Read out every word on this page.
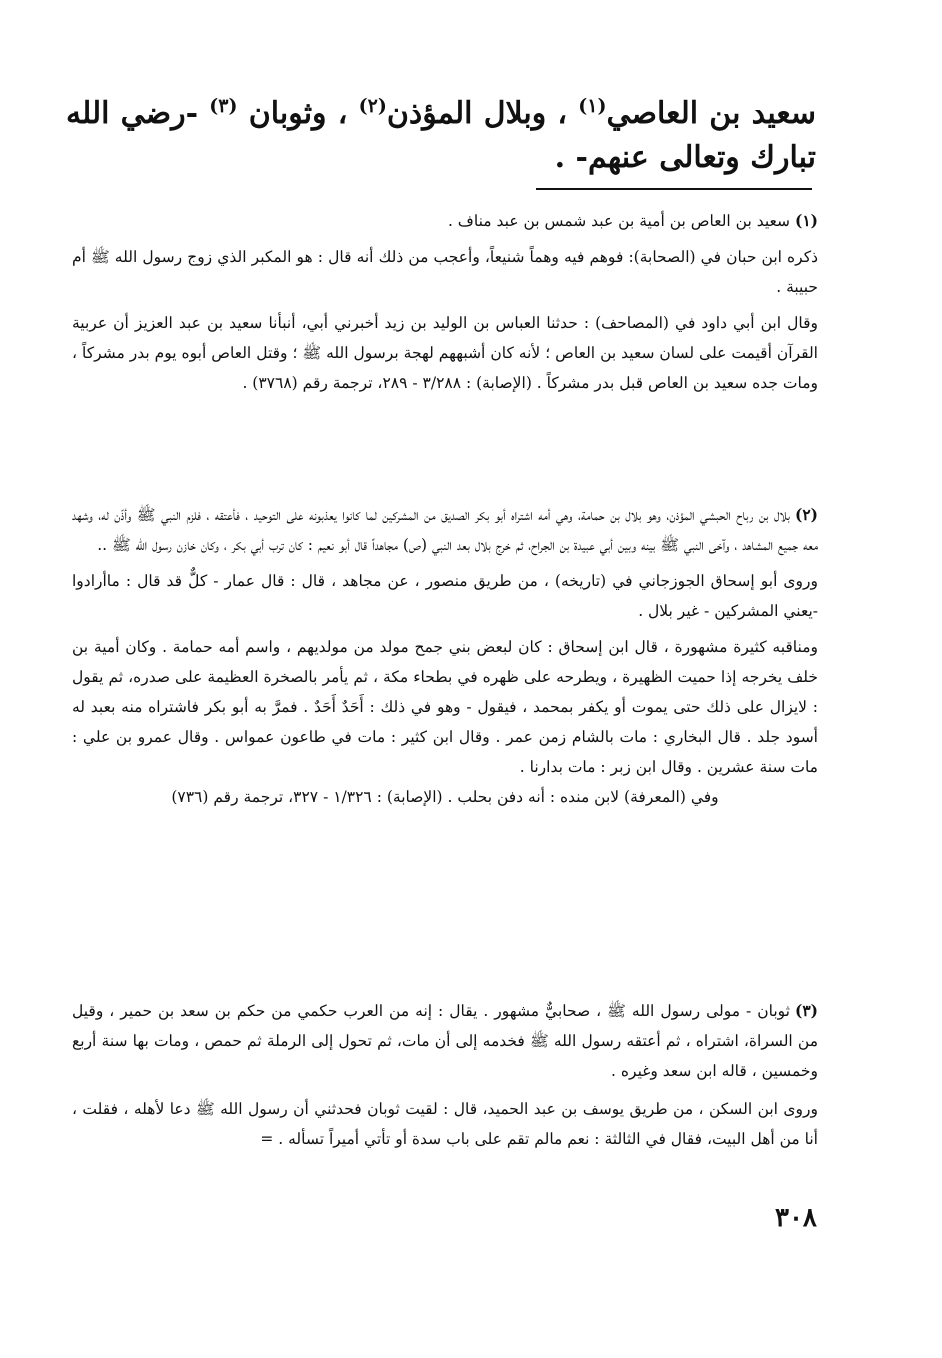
سعيد بن العاصي$^{(١)}$ ، وبلال المؤذن$^{(٢)}$ ، وثوبان $^{(٣)}$ -رضي الله تبارك وتعالى عنهم- .

(١)سعيد بن العاص بن أمية بن عبد شمس بن عبد مناف .

ذكره ابن حبان في (الصحابة): فوهم فيه وهماً شنيعاً، وأعجب من ذلك أنه قال : هو المكبر الذي زوج رسول الله ﷺ أم حبيبة .

وقال ابن أبي داود في (المصاحف) : حدثنا العباس بن الوليد بن زيد أخبرني أبي، أنبأنا سعيد بن عبد العزيز أن عربية القرآن أقيمت على لسان سعيد بن العاص ؛ لأنه كان أشبههم لهجة برسول الله ﷺ ؛ وقتل العاص أبوه يوم بدر مشركاً ، ومات جده سعيد بن العاص قبل بدر مشركاً . (الإصابة) : ٣/٢٨٨ - ٢٨٩، ترجمة رقم (٣٧٦٨) .

(٢)بلال بن رباح الحبشي المؤذن، وهو بلال بن حمامة، وهي أمه اشتراه أبو بكر الصديق من المشركين لما كانوا يعذبونه على التوحيد ، فأعتقه ، فلزم النبي ﷺ وأذّن له، وشهد معه جميع المشاهد ، وآخى النبي ﷺ بينه وبين أبي عبيدة بن الجراح، ثم خرج بلال بعد النبي (ص) مجاهداً قال أبو نعيم : كان ترب أبي بكر ، وكان خازن رسول الله ﷺ ..

وروى أبو إسحاق الجوزجاني في (تاريخه) ، من طريق منصور ، عن مجاهد ، قال : قال عمار - كلٌّ قد قال : ماأرادوا -يعني المشركين - غير بلال .

ومناقبه كثيرة مشهورة ، قال ابن إسحاق : كان لبعض بني جمح مولد من مولديهم ، واسم أمه حمامة . وكان أمية بن خلف يخرجه إذا حميت الظهيرة ، ويطرحه على ظهره في بطحاء مكة ، ثم يأمر بالصخرة العظيمة على صدره، ثم يقول : لايزال على ذلك حتى يموت أو يكفر بمحمد ، فيقول - وهو في ذلك : أَحَدٌ أَحَدٌ . فمرَّ به أبو بكر فاشتراه منه بعبد له أسود جلد . قال البخاري : مات بالشام زمن عمر . وقال ابن كثير : مات في طاعون عمواس . وقال عمرو بن علي : مات سنة عشرين . وقال ابن زبر : مات بدارنا .

وفي (المعرفة) لابن منده : أنه دفن بحلب . (الإصابة) : ١/٣٢٦ - ٣٢٧، ترجمة رقم (٧٣٦)

(٣)ثوبان - مولى رسول الله ﷺ ، صحابيٌّ مشهور . يقال : إنه من العرب حكمي من حكم بن سعد بن حمير ، وقيل من السراة، اشتراه ، ثم أعتقه رسول الله ﷺ فخدمه إلى أن مات، ثم تحول إلى الرملة ثم حمص ، ومات بها سنة أربع وخمسين ، قاله ابن سعد وغيره .

وروى ابن السكن ، من طريق يوسف بن عبد الحميد، قال : لقيت ثوبان فحدثني أن رسول الله ﷺ دعا لأهله ، فقلت ، أنا من أهل البيت، فقال في الثالثة : نعم مالم تقم على باب سدة أو تأتي أميراً تسأله . =

٣٠٨
